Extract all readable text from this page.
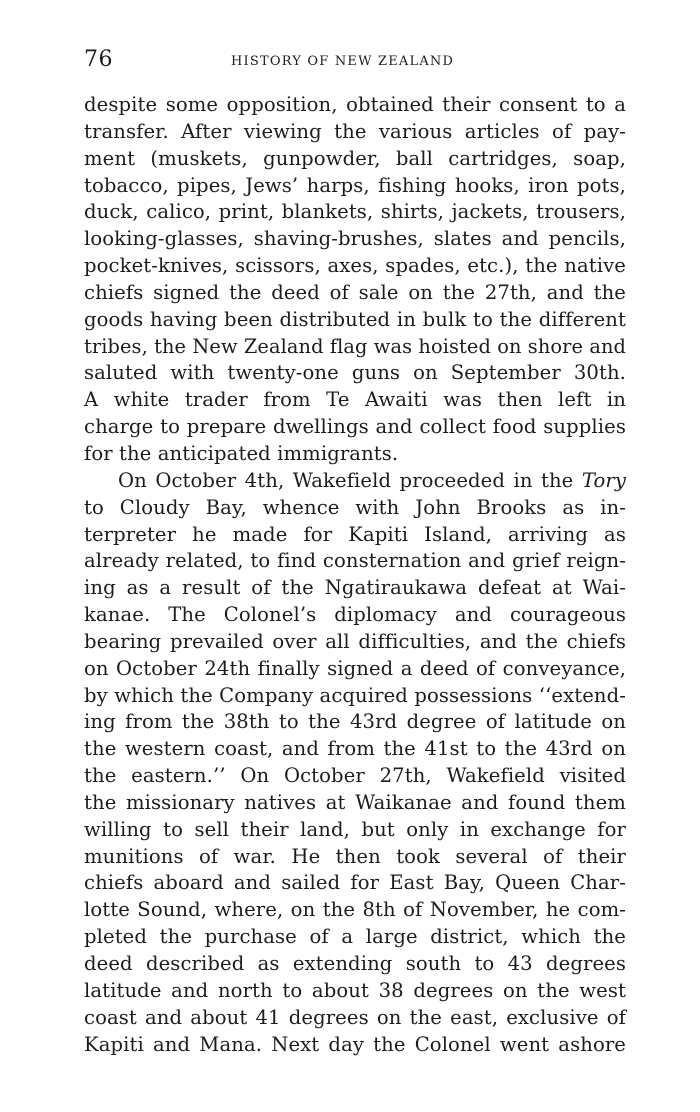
76	HISTORY OF NEW ZEALAND
despite some opposition, obtained their consent to a
transfer. After viewing the various articles of pay-
ment (muskets, gunpowder, ball cartridges, soap,
tobacco, pipes, Jews’ harps, fishing hooks, iron pots,
duck, calico, print, blankets, shirts, jackets, trousers,
looking-glasses, shaving-brushes, slates and pencils,
pocket-knives, scissors, axes, spades, etc.), the native
chiefs signed the deed of sale on the 27th, and the
goods having been distributed in bulk to the different
tribes, the New Zealand flag was hoisted on shore and
saluted with twenty-one guns on September 30th.
A white trader from Te Awaiti was then left in
charge to prepare dwellings and collect food supplies
for the anticipated immigrants.
On October 4th, Wakefield proceeded in the Tory
to Cloudy Bay, whence with John Brooks as in-
terpreter he made for Kapiti Island, arriving as
already related, to find consternation and grief reign-
ing as a result of the Ngatiraukawa defeat at Wai-
kanae. The Colonel’s diplomacy and courageous
bearing prevailed over all difficulties, and the chiefs
on October 24th finally signed a deed of conveyance,
by which the Company acquired possessions ‘‘extend-
ing from the 38th to the 43rd degree of latitude on
the western coast, and from the 41st to the 43rd on
the eastern.’’ On October 27th, Wakefield visited
the missionary natives at Waikanae and found them
willing to sell their land, but only in exchange for
munitions of war. He then took several of their
chiefs aboard and sailed for East Bay, Queen Char-
lotte Sound, where, on the 8th of November, he com-
pleted the purchase of a large district, which the
deed described as extending south to 43 degrees
latitude and north to about 38 degrees on the west
coast and about 41 degrees on the east, exclusive of
Kapiti and Mana. Next day the Colonel went ashore
